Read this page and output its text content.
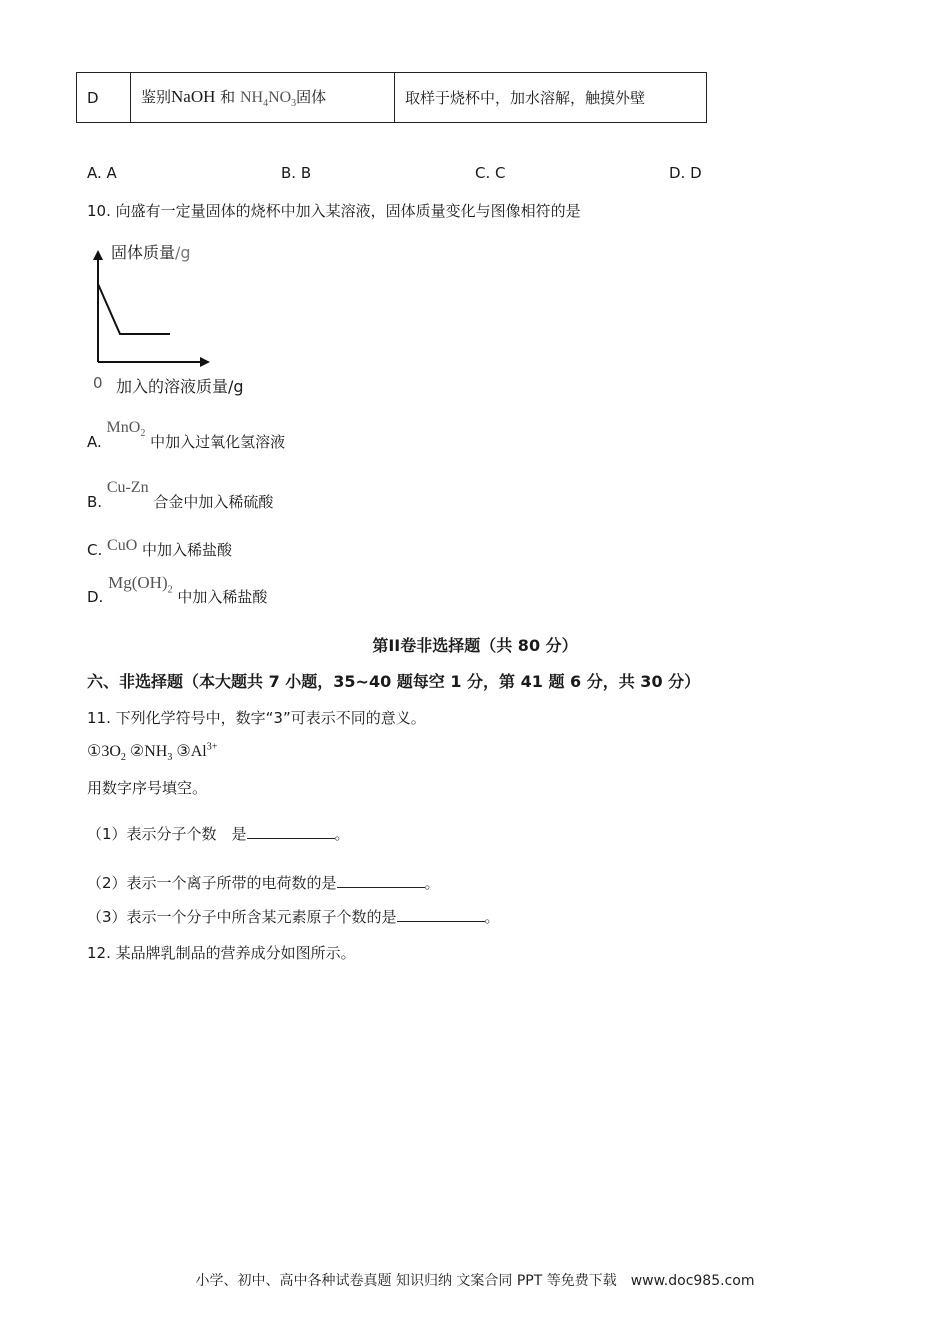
D	鉴别NaOH 和 $NH_4NO_3$固体	取样于烧杯中，加水溶解，触摸外壁
A. A	B. B	C. C	D. D
10. 向盛有一定量固体的烧杯中加入某溶液，固体质量变化与图像相符的是
固体质量/g
0 加入的溶液质量/g
A. MnO$_2$ 中加入过氧化氢溶液
B. Cu-Zn 合金中加入稀硫酸
C. CuO 中加入稀盐酸
D. $Mg(OH)_2$ 中加入稀盐酸
第II卷非选择题（共 80 分）
六、非选择题（本大题共 7 小题，35~40 题每空 1 分，第 41 题 6 分，共 30 分）
11. 下列化学符号中，数字“3”可表示不同的意义。
$①3O_2$ $②NH_3$ $③Al^{3+}$
用数字序号填空。
（1）表示分子个数　是	。
（2）表示一个离子所带的电荷数的是	。
（3）表示一个分子中所含某元素原子个数的是	。
12. 某品牌乳制品的营养成分如图所示。
小学、初中、高中各种试卷真题 知识归纳 文案合同 PPT 等免费下载　www.doc985.com
